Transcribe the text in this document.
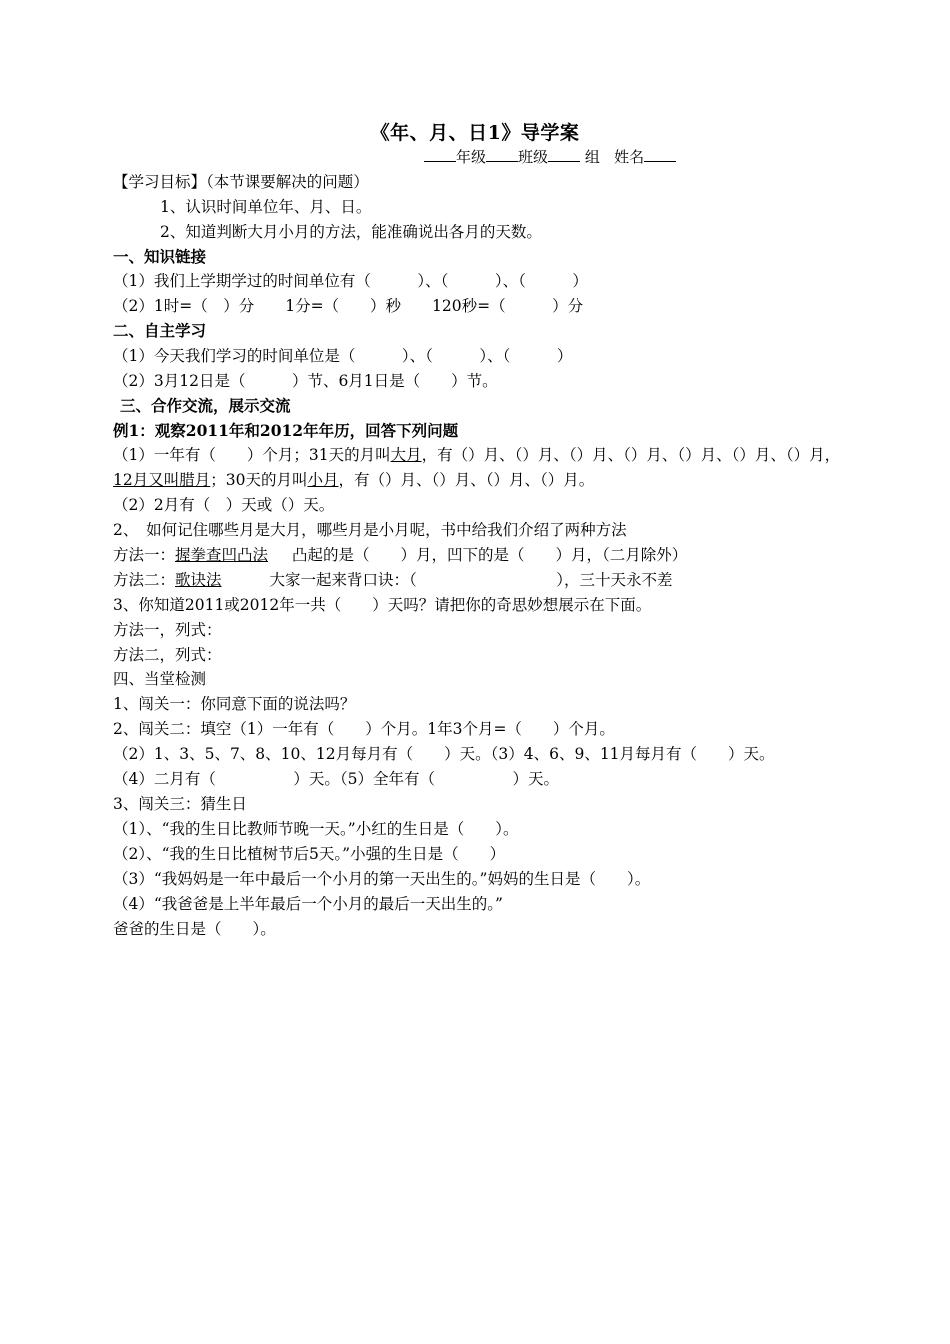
《年、月、日1》导学案
年级 班级 组 姓名
【学习目标】（本节课要解决的问题）
1、认识时间单位年、月、日。
2、知道判断大月小月的方法，能准确说出各月的天数。
一、知识链接
（1）我们上学期学过的时间单位有（　　　）、（　　　）、（　　　）
（2）1时=（　）分　　1分=（　　）秒　　120秒=（　　　）分
二、自主学习
（1）今天我们学习的时间单位是（　　　）、（　　　）、（　　　）
（2）3月12日是（　　　）节、6月1日是（　　）节。
三、合作交流，展示交流
例1：观察2011年和2012年年历，回答下列问题
（1）一年有（　　）个月；31天的月叫大月，有（）月、（）月、（）月、（）月、（）月、（）月、（）月，
12月又叫腊月；30天的月叫小月，有（）月、（）月、（）月、（）月。
（2）2月有（　）天或（）天。
2、　如何记住哪些月是大月，哪些月是小月呢，书中给我们介绍了两种方法
方法一：握拳查凹凸法 凸起的是（　　）月，凹下的是（　　）月，（二月除外）
方法二：歌诀法	大家一起来背口诀：（　　　　　　　　　），三十天永不差
3、你知道2011或2012年一共（　　）天吗？请把你的奇思妙想展示在下面。
方法一，列式：
方法二，列式：
四、当堂检测
1、闯关一：你同意下面的说法吗？
2、闯关二：填空（1）一年有（　　）个月。1年3个月=（　　）个月。
（2）1、3、5、7、8、10、12月每月有（　　）天。（3）4、6、9、11月每月有（　　）天。
（4）二月有（　　　　　）天。（5）全年有（　　　　　）天。
3、闯关三：猜生日
（1）、“我的生日比教师节晚一天。”小红的生日是（　　）。
（2）、“我的生日比植树节后5天。”小强的生日是（　　）
（3）“我妈妈是一年中最后一个小月的第一天出生的。”妈妈的生日是（　　）。
（4）“我爸爸是上半年最后一个小月的最后一天出生的。”
爸爸的生日是（　　）。
